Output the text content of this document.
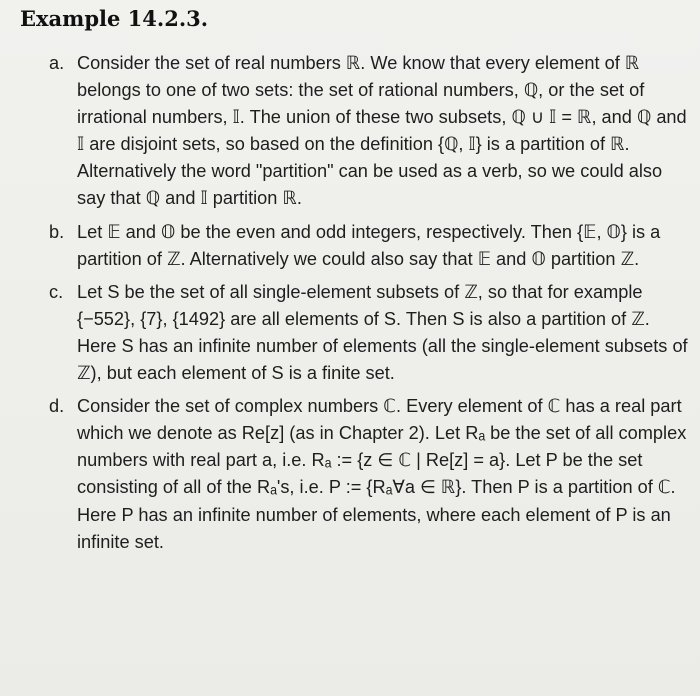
Example 14.2.3.
a. Consider the set of real numbers ℝ. We know that every element of ℝ belongs to one of two sets: the set of rational numbers, ℚ, or the set of irrational numbers, 𝕀. The union of these two subsets, ℚ ∪ 𝕀 = ℝ, and ℚ and 𝕀 are disjoint sets, so based on the definition {ℚ, 𝕀} is a partition of ℝ. Alternatively the word "partition" can be used as a verb, so we could also say that ℚ and 𝕀 partition ℝ.
b. Let 𝔼 and 𝕆 be the even and odd integers, respectively. Then {𝔼, 𝕆} is a partition of ℤ. Alternatively we could also say that 𝔼 and 𝕆 partition ℤ.
c. Let S be the set of all single-element subsets of ℤ, so that for example {−552}, {7}, {1492} are all elements of S. Then S is also a partition of ℤ. Here S has an infinite number of elements (all the single-element subsets of ℤ), but each element of S is a finite set.
d. Consider the set of complex numbers ℂ. Every element of ℂ has a real part which we denote as Re[z] (as in Chapter 2). Let Rₐ be the set of all complex numbers with real part a, i.e. Rₐ := {z ∈ ℂ | Re[z] = a}. Let P be the set consisting of all of the Rₐ's, i.e. P := {Rₐ∀a ∈ ℝ}. Then P is a partition of ℂ. Here P has an infinite number of elements, where each element of P is an infinite set.
